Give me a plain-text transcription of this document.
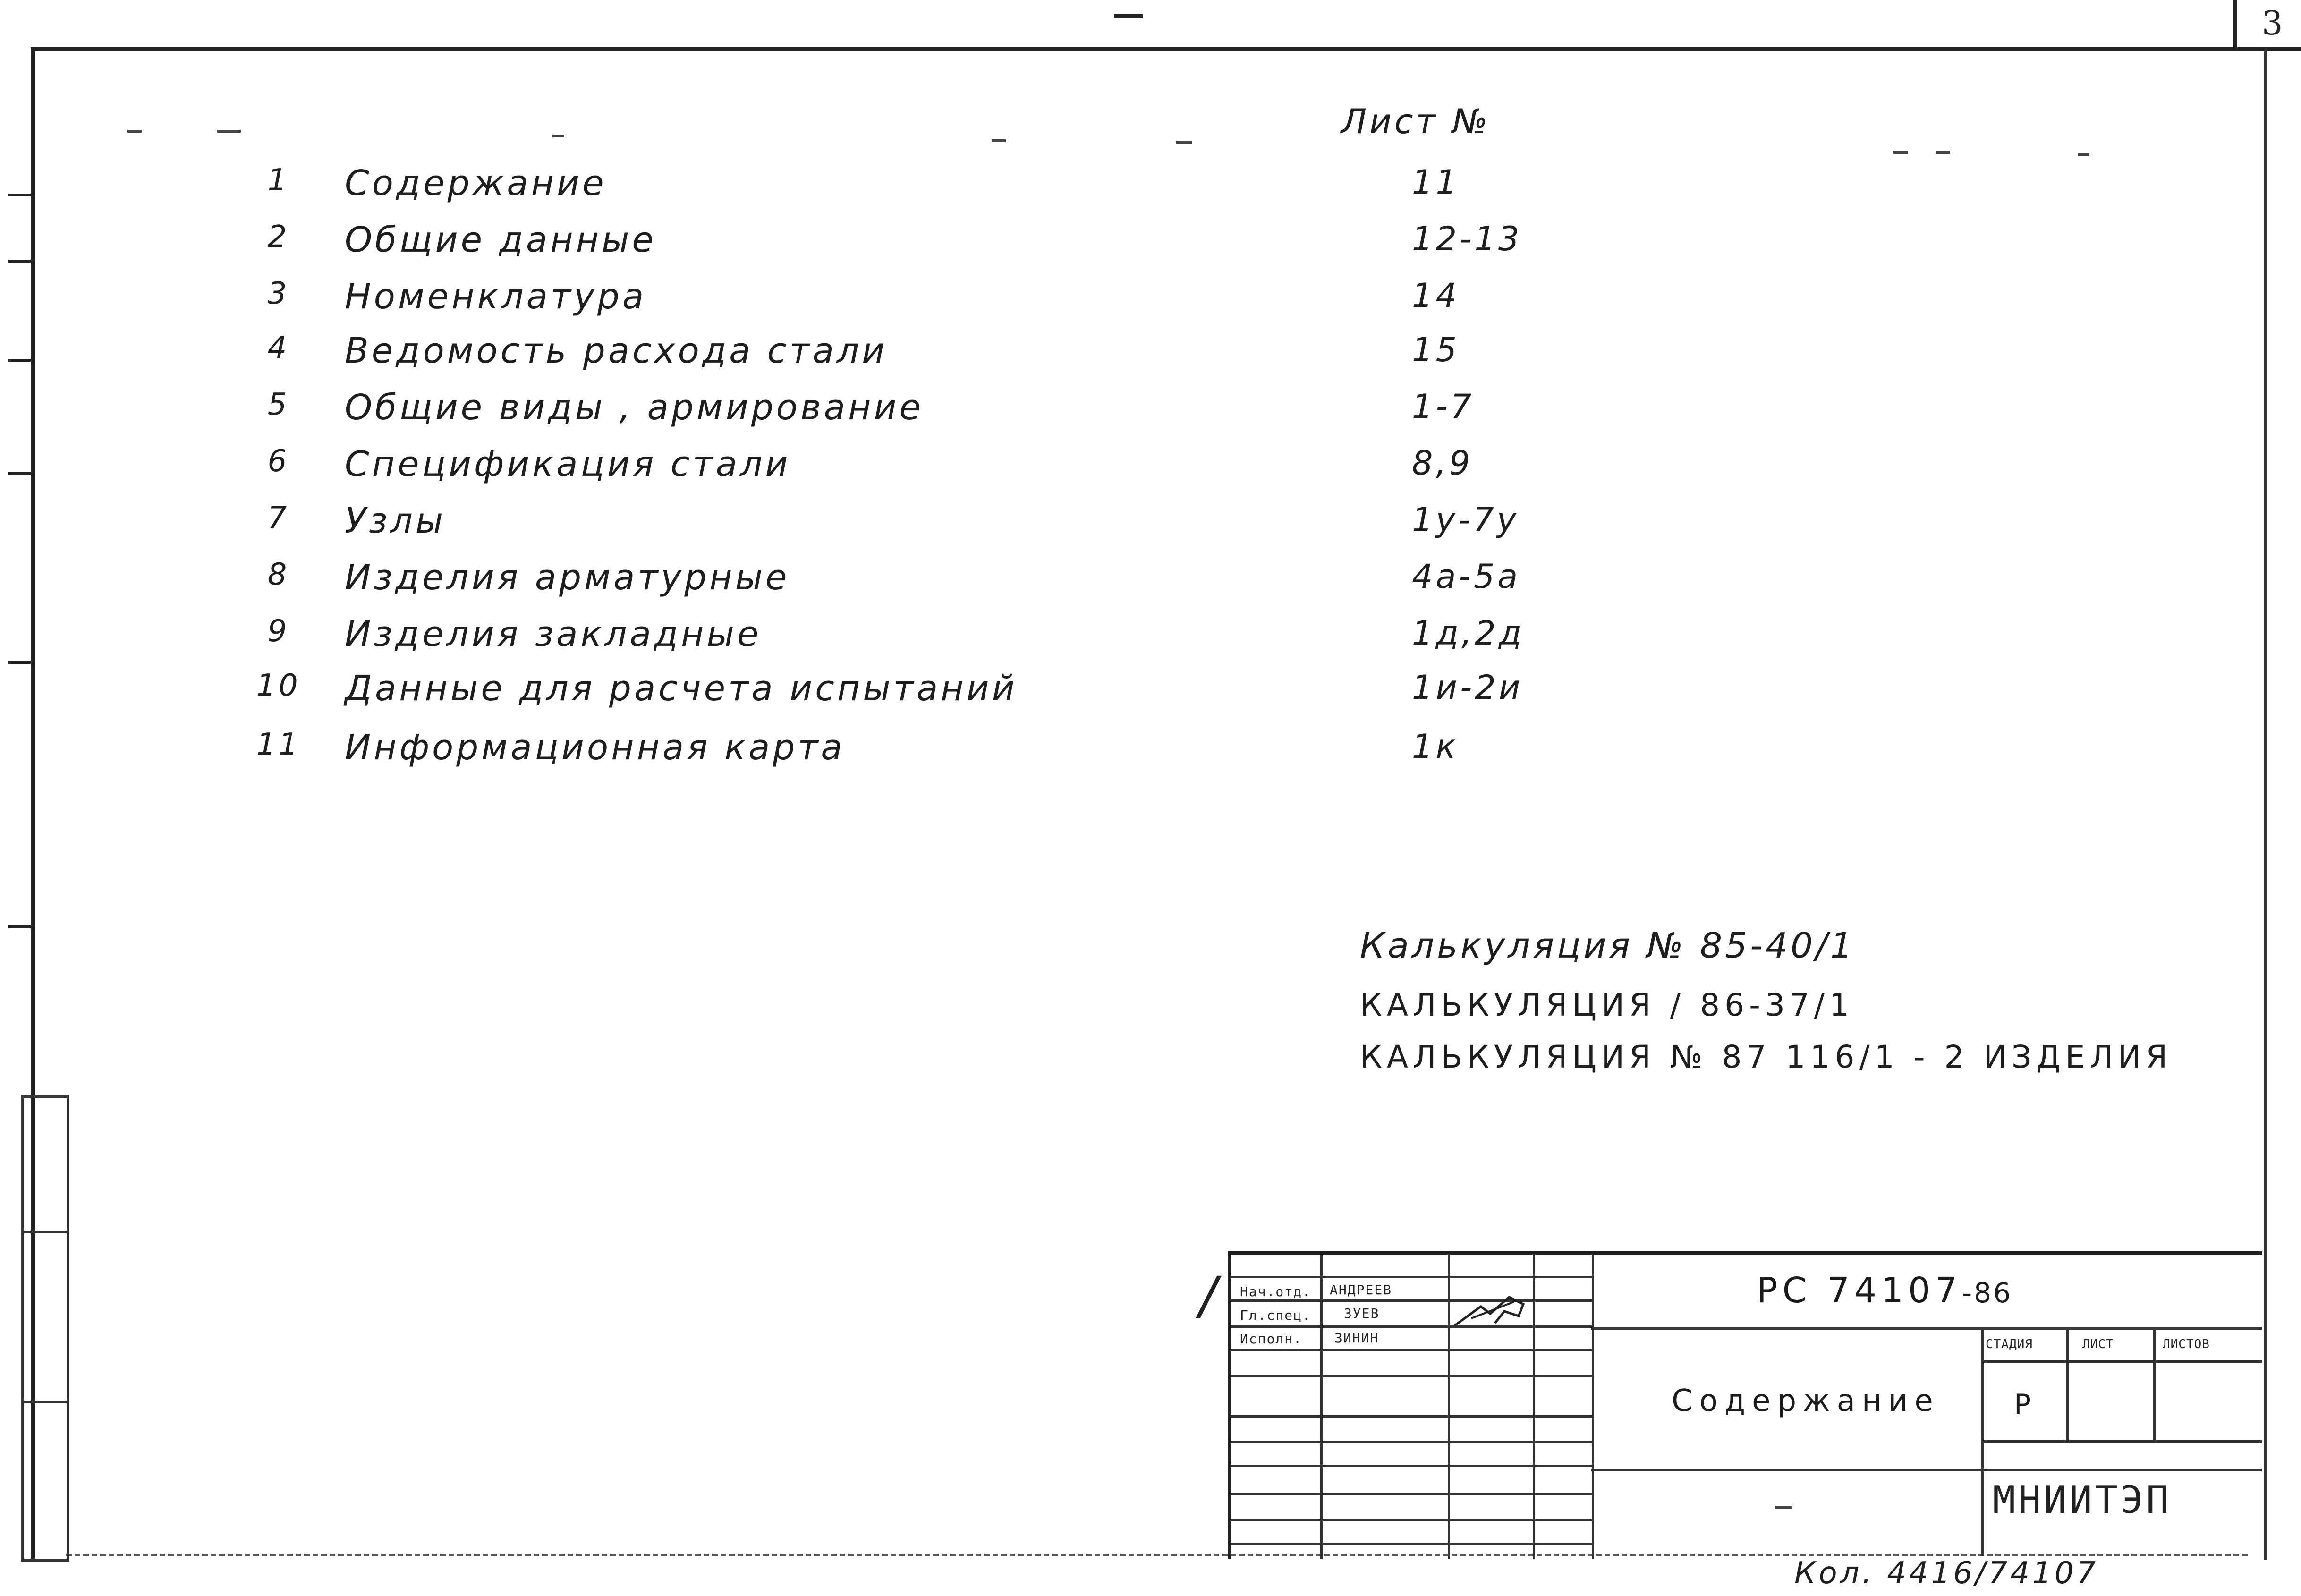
3
Лист №
1	Содержание	11
2	Общие данные	12-13
3	Номенклатура	14
4	Ведомость расхода стали	15
5	Общие виды , армирование	1-7
6	Спецификация стали	8,9
7	Узлы	1у-7у
8	Изделия арматурные	4а-5а
9	Изделия закладные	1д,2д
10 Данные для расчета испытаний	1и-2и
11 Информационная карта	1к
Калькуляция № 85-40/1
КАЛЬКУЛЯЦИЯ / 86-37/1
КАЛЬКУЛЯЦИЯ № 87 116/1 - 2 ИЗДЕЛИЯ
/ Нач.отд. АНДРЕЕВ
Гл.спец. ЗУЕВ
Исполн. ЗИНИН	СТАДИЯ	ЛИСТ	ЛИСТОВ
РС 74107-86
Содержание	Р
МНИИТЭП
Кол. 4416/74107
